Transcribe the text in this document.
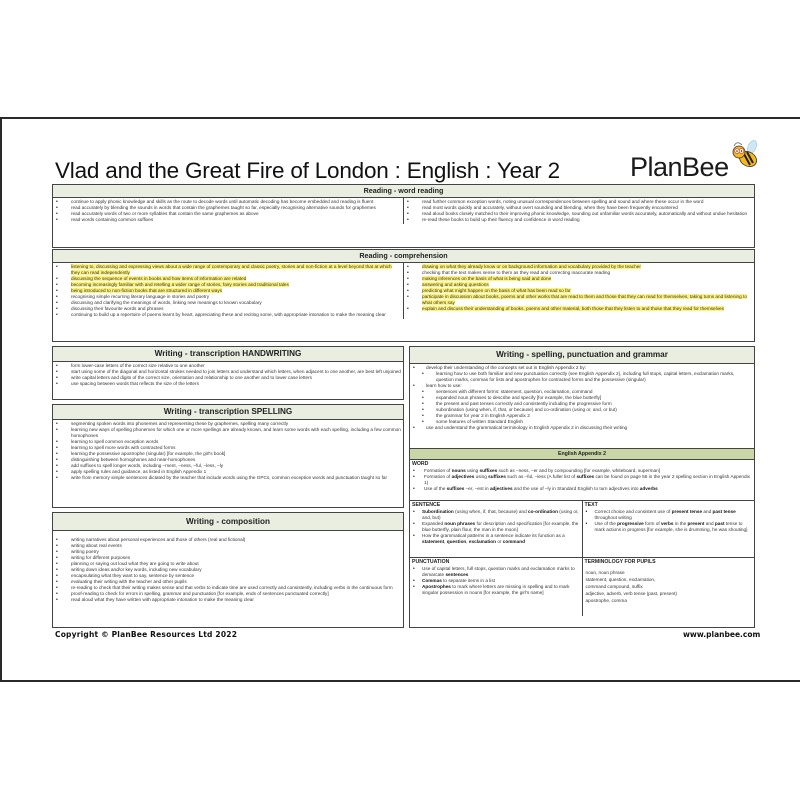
Vlad and the Great Fire of London : English : Year 2	PlanBee
Reading - word reading
• continue to apply phonic knowledge and skills as the route to decode words until automatic decoding has become embedded and reading is fluent
• read accurately by blending the sounds in words that contain the graphemes taught so far, especially recognising alternative sounds for graphemes
• read accurately words of two or more syllables that contain the same graphemes as above
• read words containing common suffixes
• read further common exception words, noting unusual correspondences between spelling and sound and where these occur in the word
• read most words quickly and accurately, without overt sounding and blending, when they have been frequently encountered
• read aloud books closely matched to their improving phonic knowledge, sounding out unfamiliar words accurately, automatically and without undue hesitation
• re-read these books to build up their fluency and confidence in word reading
Reading - comprehension
• listening to, discussing and expressing views about a wide range of contemporary and classic poetry, stories and non-fiction at a level beyond that at which they can read independently
• discussing the sequence of events in books and how items of information are related
• becoming increasingly familiar with and retelling a wider range of stories, fairy stories and traditional tales
• being introduced to non-fiction books that are structured in different ways
• recognising simple recurring literary language in stories and poetry
• discussing and clarifying the meanings of words, linking new meanings to known vocabulary
• discussing their favourite words and phrases
• continuing to build up a repertoire of poems learnt by heart, appreciating these and reciting some, with appropriate intonation to make the meaning clear
• drawing on what they already know or on background information and vocabulary provided by the teacher
• checking that the text makes sense to them as they read and correcting inaccurate reading
• making inferences on the basis of what is being said and done
• answering and asking questions
• predicting what might happen on the basis of what has been read so far
• participate in discussion about books, poems and other works that are read to them and those that they can read for themselves, taking turns and listening to what others say
• explain and discuss their understanding of books, poems and other material, both those that they listen to and those that they read for themselves
Writing - transcription HANDWRITING
• form lower-case letters of the correct size relative to one another
• start using some of the diagonal and horizontal strokes needed to join letters and understand which letters, when adjacent to one another, are best left unjoined
• write capital letters and digits of the correct size, orientation and relationship to one another and to lower case letters
• use spacing between words that reflects the size of the letters
Writing - transcription SPELLING
• segmenting spoken words into phonemes and representing these by graphemes, spelling many correctly
• learning new ways of spelling phonemes for which one or more spellings are already known, and learn some words with each spelling, including a few common homophones
• learning to spell common exception words
• learning to spell more words with contracted forms
• learning the possessive apostrophe (singular) [for example, the girl's book]
• distinguishing between homophones and near-homophones
• add suffixes to spell longer words, including –ment, –ness, –ful, –less, –ly
• apply spelling rules and guidance, as listed in English Appendix 1
• write from memory simple sentences dictated by the teacher that include words using the GPCs, common exception words and punctuation taught so far
Writing - composition
• writing narratives about personal experiences and those of others (real and fictional)
• writing about real events
• writing poetry
• writing for different purposes
• planning or saying out loud what they are going to write about
• writing down ideas and/or key words, including new vocabulary
• encapsulating what they want to say, sentence by sentence
• evaluating their writing with the teacher and other pupils
• re-reading to check that their writing makes sense and that verbs to indicate time are used correctly and consistently, including verbs in the continuous form
• proof-reading to check for errors in spelling, grammar and punctuation [for example, ends of sentences punctuated correctly]
• read aloud what they have written with appropriate intonation to make the meaning clear
Writing - spelling, punctuation and grammar
• develop their understanding of the concepts set out in English Appendix 2 by:
• learning how to use both familiar and new punctuation correctly (see English Appendix 2), including full stops, capital letters, exclamation marks, question marks, commas for lists and apostrophes for contracted forms and the possessive (singular)
• learn how to use:
• sentences with different forms: statement, question, exclamation, command
• expanded noun phrases to describe and specify [for example, the blue butterfly]
• the present and past tenses correctly and consistently including the progressive form
• subordination (using when, if, that, or because) and co-ordination (using or, and, or but)
• the grammar for year 2 in English Appendix 2
• some features of written Standard English
• use and understand the grammatical terminology in English Appendix 2 in discussing their writing
English Appendix 2
WORD
• Formation of nouns using suffixes such as –ness, –er and by compounding [for example, whiteboard, superman]
• Formation of adjectives using suffixes such as –ful, –less (A fuller list of suffixes can be found on page 56 in the year 2 spelling section in English Appendix 1)
• Use of the suffixes –er, –est in adjectives and the use of –ly in Standard English to turn adjectives into adverbs
SENTENCE
• Subordination (using when, if, that, because) and co-ordination (using or, and, but)
• Expanded noun phrases for description and specification [for example, the blue butterfly, plain flour, the man in the moon]
• How the grammatical patterns in a sentence indicate its function as a statement, question, exclamation or command
TEXT
• Correct choice and consistent use of present tense and past tense throughout writing
• Use of the progressive form of verbs in the present and past tense to mark actions in progress [for example, she is drumming, he was shouting]
PUNCTUATION
• Use of capital letters, full stops, question marks and exclamation marks to demarcate sentences
• Commas to separate items in a list
• Apostrophes to mark where letters are missing in spelling and to mark singular possession in nouns [for example, the girl's name]
TERMINOLOGY FOR PUPILS
noun, noun phrase
statement, question, exclamation,
command compound, suffix
adjective, adverb, verb tense (past, present)
apostrophe, comma
Copyright © PlanBee Resources Ltd 2022	www.planbee.com
